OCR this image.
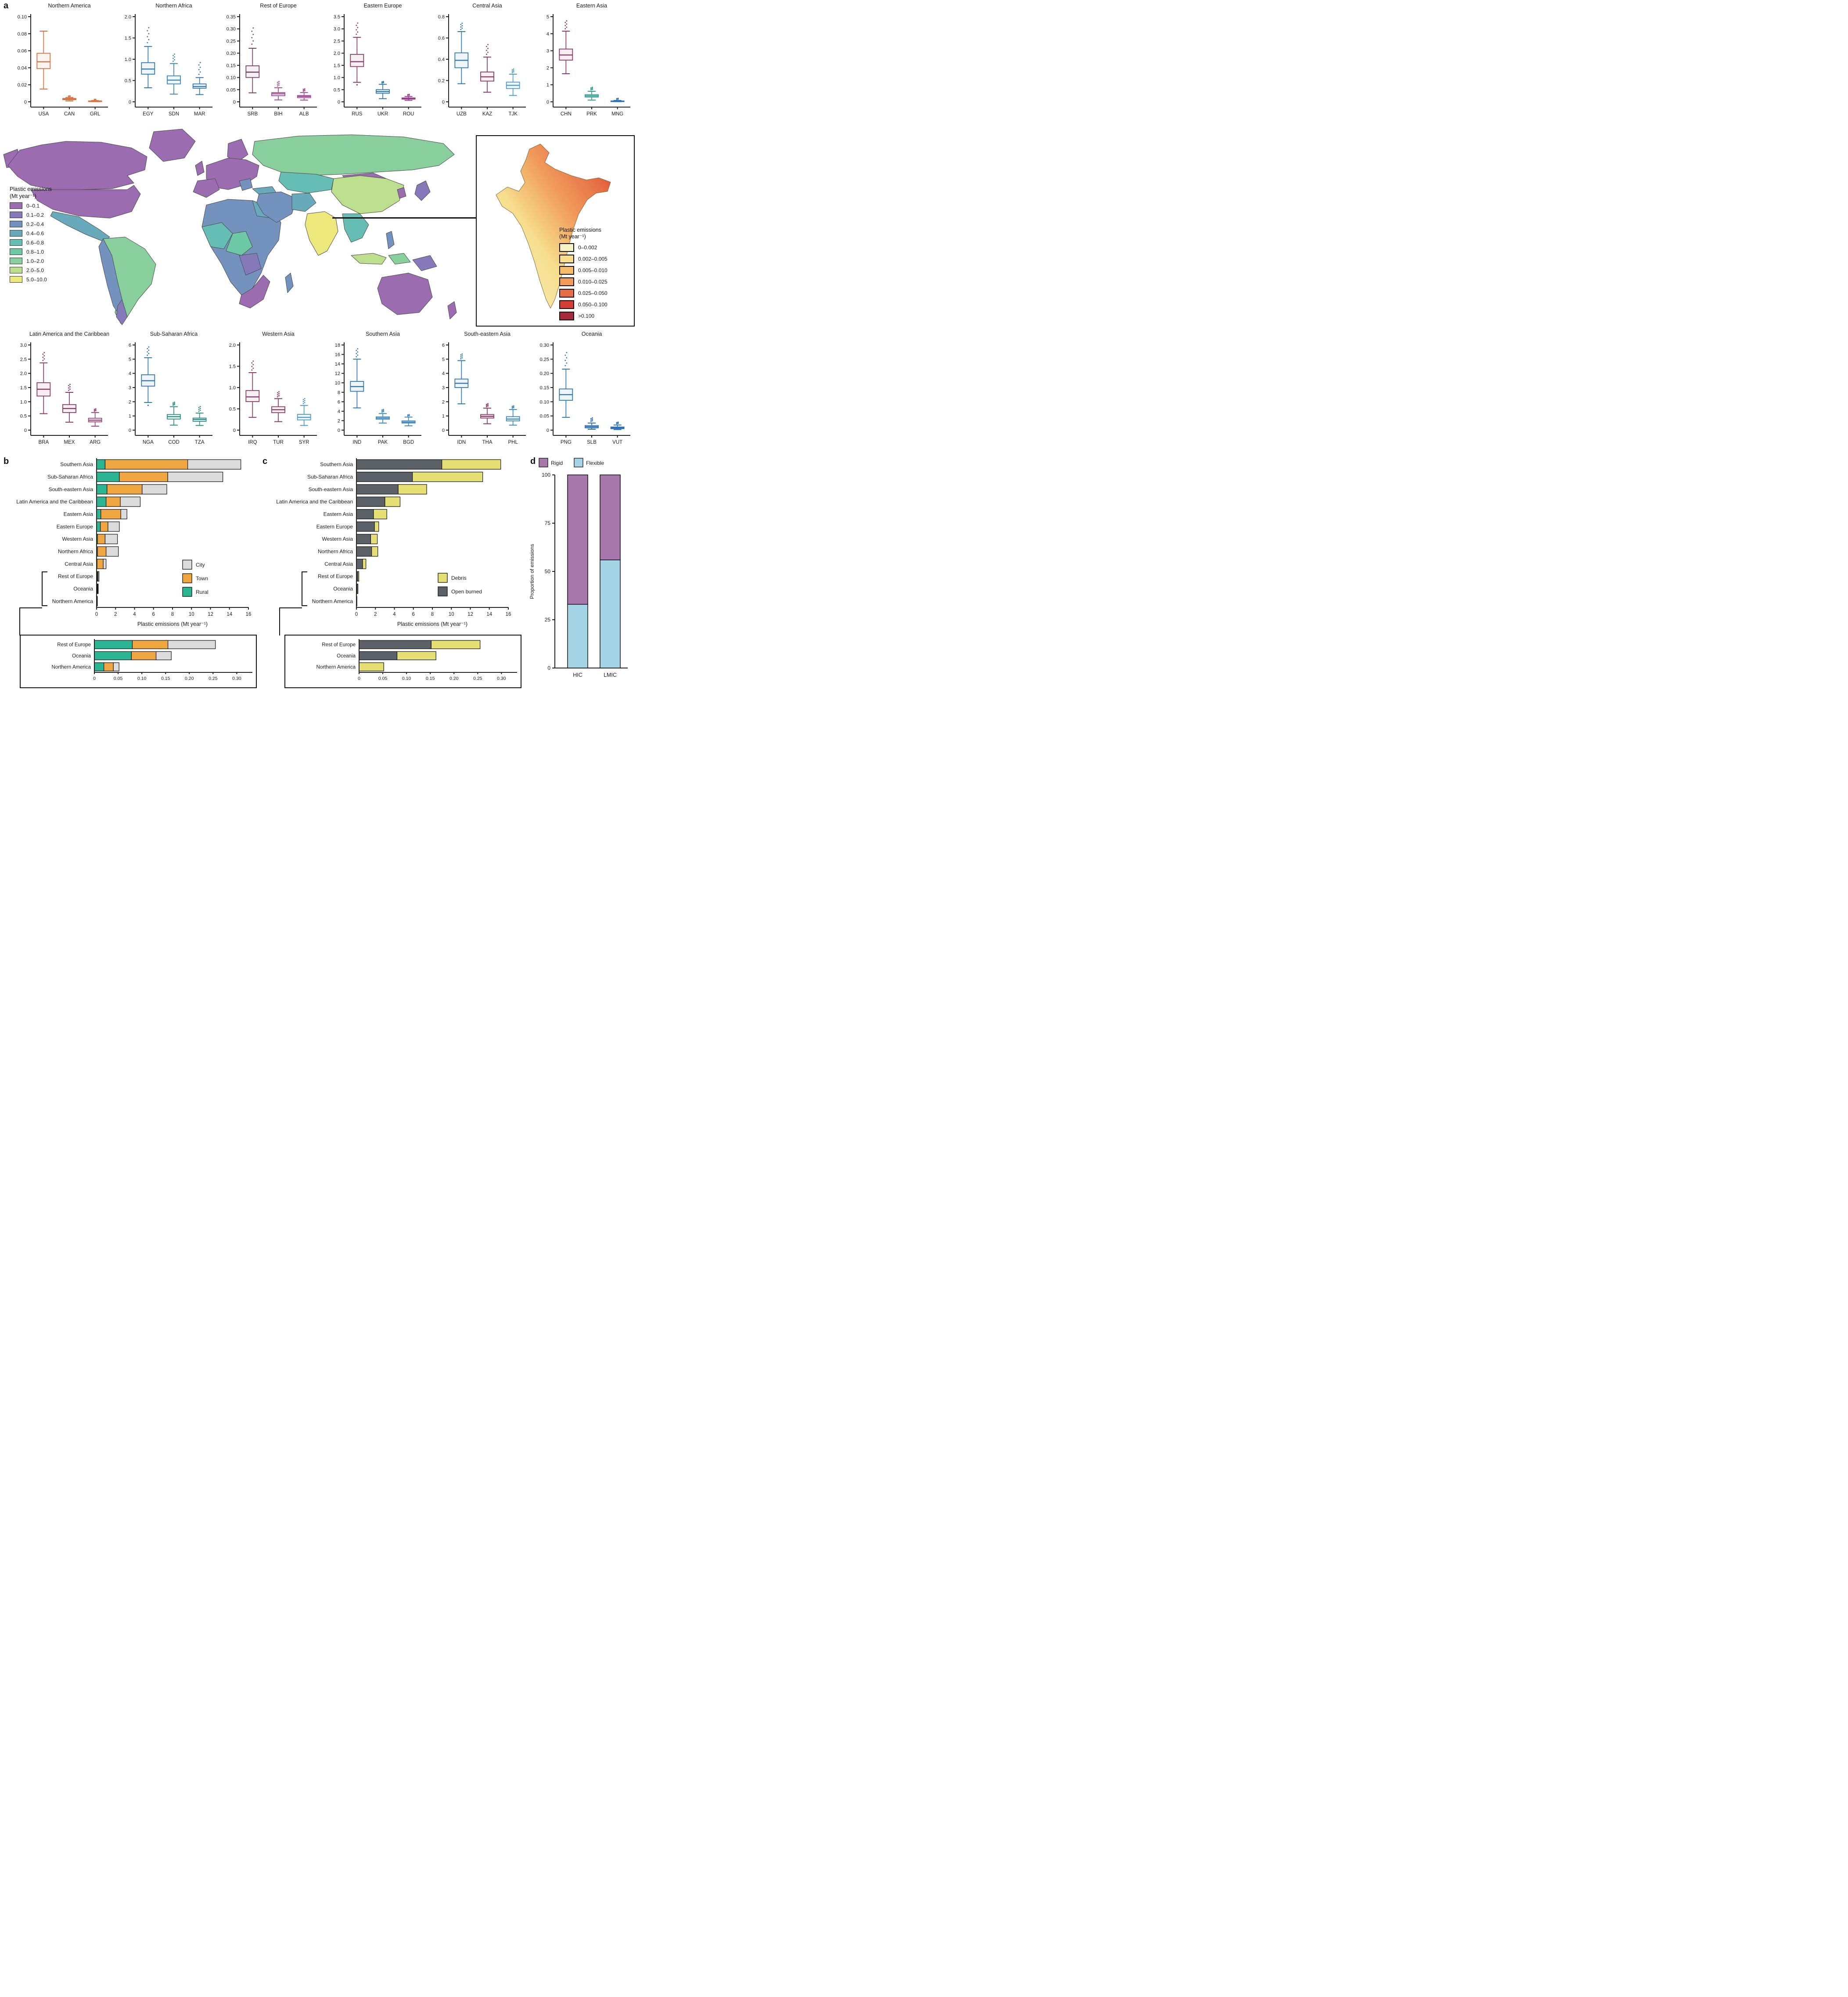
a
b	c	d
Northern America
0
0.02
0.04
0.06
0.08
0.10
USA	CAN	GRL
Northern Africa
0
0.5
1.0
1.5
2.0
EGY	SDN	MAR
Rest of Europe
0
0.05
0.10
0.15
0.20
0.25
0.30
0.35
SRB	BIH	ALB
Eastern Europe
0
0.5
1.0
1.5
2.0
2.5
3.0
3.5
RUS	UKR	ROU
Central Asia
0
0.2
0.4
0.6
0.8
UZB	KAZ	TJK
Eastern Asia
0
1
2
3
4
5
CHN	PRK	MNG
Plastic emissions
(Mt year⁻¹)
0–0.1
0.1–0.2
0.2–0.4
0.4–0.6
0.6–0.8
0.8–1.0
1.0–2.0
2.0–5.0
5.0–10.0
Plastic emissions
(Mt year⁻¹)
0–0.002
0.002–0.005
0.005–0.010
0.010–0.025
0.025–0.050
0.050–0.100
>0.100
Latin America and the Caribbean
0
0.5
1.0
1.5
2.0
2.5
3.0
BRA	MEX	ARG
Sub-Saharan Africa
0
1
2
3
4
5
6
NGA	COD	TZA
Western Asia
0
0.5
1.0
1.5
2.0
IRQ	TUR	SYR
Southern Asia
0
2
4
6
8
10
12
14
16
18
IND	PAK	BGD
South-eastern Asia
0
1
2
3
4
5
6
IDN	THA	PHL
Oceania
0
0.05
0.10
0.15
0.20
0.25
0.30
PNG	SLB	VUT
Southern Asia
Sub-Saharan Africa
South-eastern Asia
Latin America and the Caribbean
Eastern Asia
Eastern Europe
Western Asia
Northern Africa
Central Asia
Rest of Europe
Oceania
Northern America
0	2	4	6	8	10	12	14	16
Plastic emissions (Mt year⁻¹)
City
Town
Rural
Rest of Europe
Oceania
Northern America
0	0.05	0.10	0.15	0.20	0.25	0.30
Southern Asia
Sub-Saharan Africa
South-eastern Asia
Latin America and the Caribbean
Eastern Asia
Eastern Europe
Western Asia
Northern Africa
Central Asia
Rest of Europe
Oceania
Northern America
0	2	4	6	8	10	12	14	16
Plastic emissions (Mt year⁻¹)
Debris
Open burned
Rest of Europe
Oceania
Northern America
0	0.05	0.10	0.15	0.20	0.25	0.30
Rigid	Flexible
0
25
50
75
100
Proportion of emissions
HIC	LMIC
